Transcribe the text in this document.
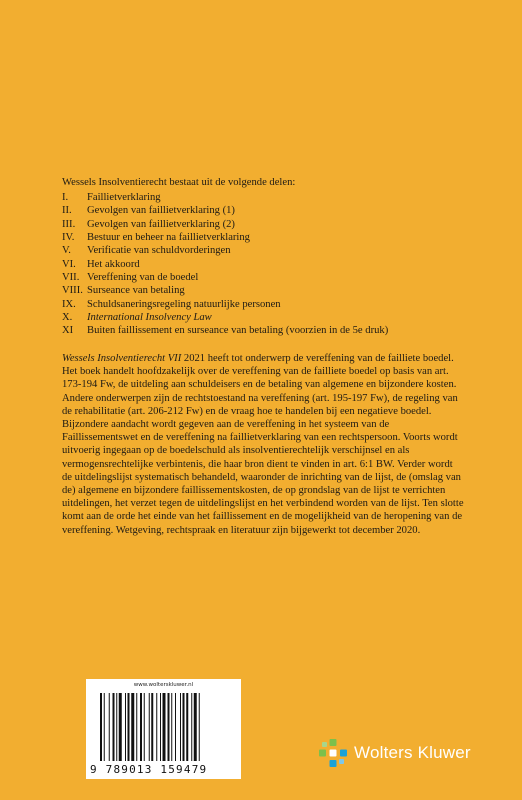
Wessels Insolventierecht bestaat uit de volgende delen:
I.	Faillietverklaring
II.	Gevolgen van faillietverklaring (1)
III.	Gevolgen van faillietverklaring (2)
IV.	Bestuur en beheer na faillietverklaring
V.	Verificatie van schuldvorderingen
VI.	Het akkoord
VII. Vereffening van de boedel
VIII. Surseance van betaling
IX.	Schuldsaneringsregeling natuurlijke personen
X.	International Insolvency Law
XI	Buiten faillissement en surseance van betaling (voorzien in de 5e druk)

Wessels Insolventierecht VII 2021 heeft tot onderwerp de vereffening van de failliete boedel. Het boek handelt hoofdzakelijk over de vereffening van de failliete boedel op basis van art. 173-194 Fw, de uitdeling aan schuldeisers en de betaling van algemene en bijzondere kosten. Andere onderwerpen zijn de rechtstoestand na vereffening (art. 195-197 Fw), de regeling van de rehabilitatie (art. 206-212 Fw) en de vraag hoe te handelen bij een negatieve boedel. Bijzondere aandacht wordt gegeven aan de vereffening in het systeem van de Faillissementswet en de vereffening na faillietverklaring van een rechtspersoon. Voorts wordt uitvoerig ingegaan op de boedelschuld als insolventierechtelijk verschijnsel en als vermogensrechtelijke verbintenis, die haar bron dient te vinden in art. 6:1 BW. Verder wordt de uitdelingslijst systematisch behandeld, waaronder de inrichting van de lijst, de (omslag van de) algemene en bijzondere faillissementskosten, de op grondslag van de lijst te verrichten uitdelingen, het verzet tegen de uitdelingslijst en het verbindend worden van de lijst. Ten slotte komt aan de orde het einde van het faillissement en de mogelijkheid van de heropening van de vereffening. Wetgeving, rechtspraak en literatuur zijn bijgewerkt tot december 2020.

www.wolterskluwer.nl
9 789013 159479
Wolters Kluwer
